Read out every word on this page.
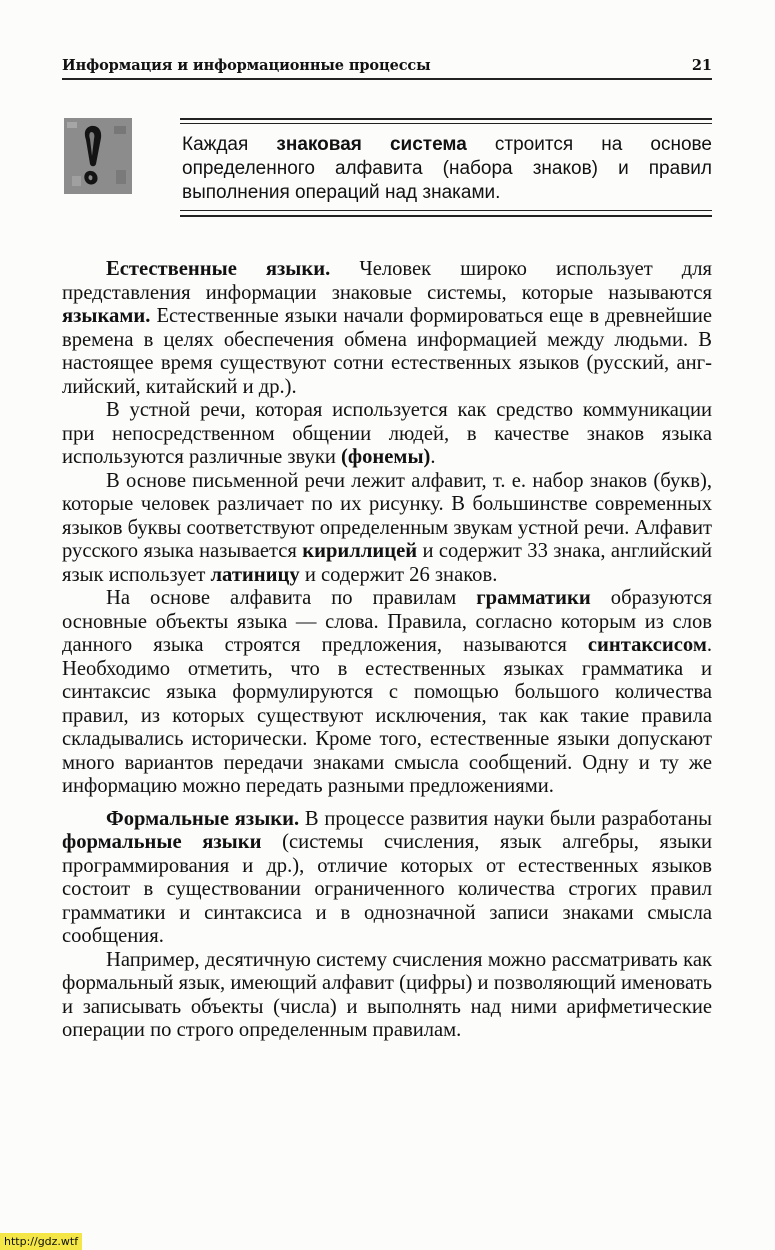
Информация и информационные процессы	21
Каждая знаковая система строится на основе определенного алфавита (набора знаков) и правил выполнения операций над знаками.

Естественные языки. Человек широко использует для представления информации знаковые системы, которые называются языками. Естественные языки начали формироваться еще в древнейшие времена в целях обеспечения обмена информацией между людьми. В настоящее время существуют сотни естественных языков (русский, английский, китайский и др.).

В устной речи, которая используется как средство коммуникации при непосредственном общении людей, в качестве знаков языка используются различные звуки (фонемы).

В основе письменной речи лежит алфавит, т. е. набор знаков (букв), которые человек различает по их рисунку. В большинстве современных языков буквы соответствуют определенным звукам устной речи. Алфавит русского языка называется кириллицей и содержит 33 знака, английский язык использует латиницу и содержит 26 знаков.

На основе алфавита по правилам грамматики образуются основные объекты языка — слова. Правила, согласно которым из слов данного языка строятся предложения, называются синтаксисом. Необходимо отметить, что в естественных языках грамматика и синтаксис языка формулируются с помощью большого количества правил, из которых существуют исключения, так как такие правила складывались исторически. Кроме того, естественные языки допускают много вариантов передачи знаками смысла сообщений. Одну и ту же информацию можно передать разными предложениями.

Формальные языки. В процессе развития науки были разработаны формальные языки (системы счисления, язык алгебры, языки программирования и др.), отличие которых от естественных языков состоит в существовании ограниченного количества строгих правил грамматики и синтаксиса и в однозначной записи знаками смысла сообщения.

Например, десятичную систему счисления можно рассматривать как формальный язык, имеющий алфавит (цифры) и позволяющий именовать и записывать объекты (числа) и выполнять над ними арифметические операции по строго определенным правилам.

http://gdz.wtf
